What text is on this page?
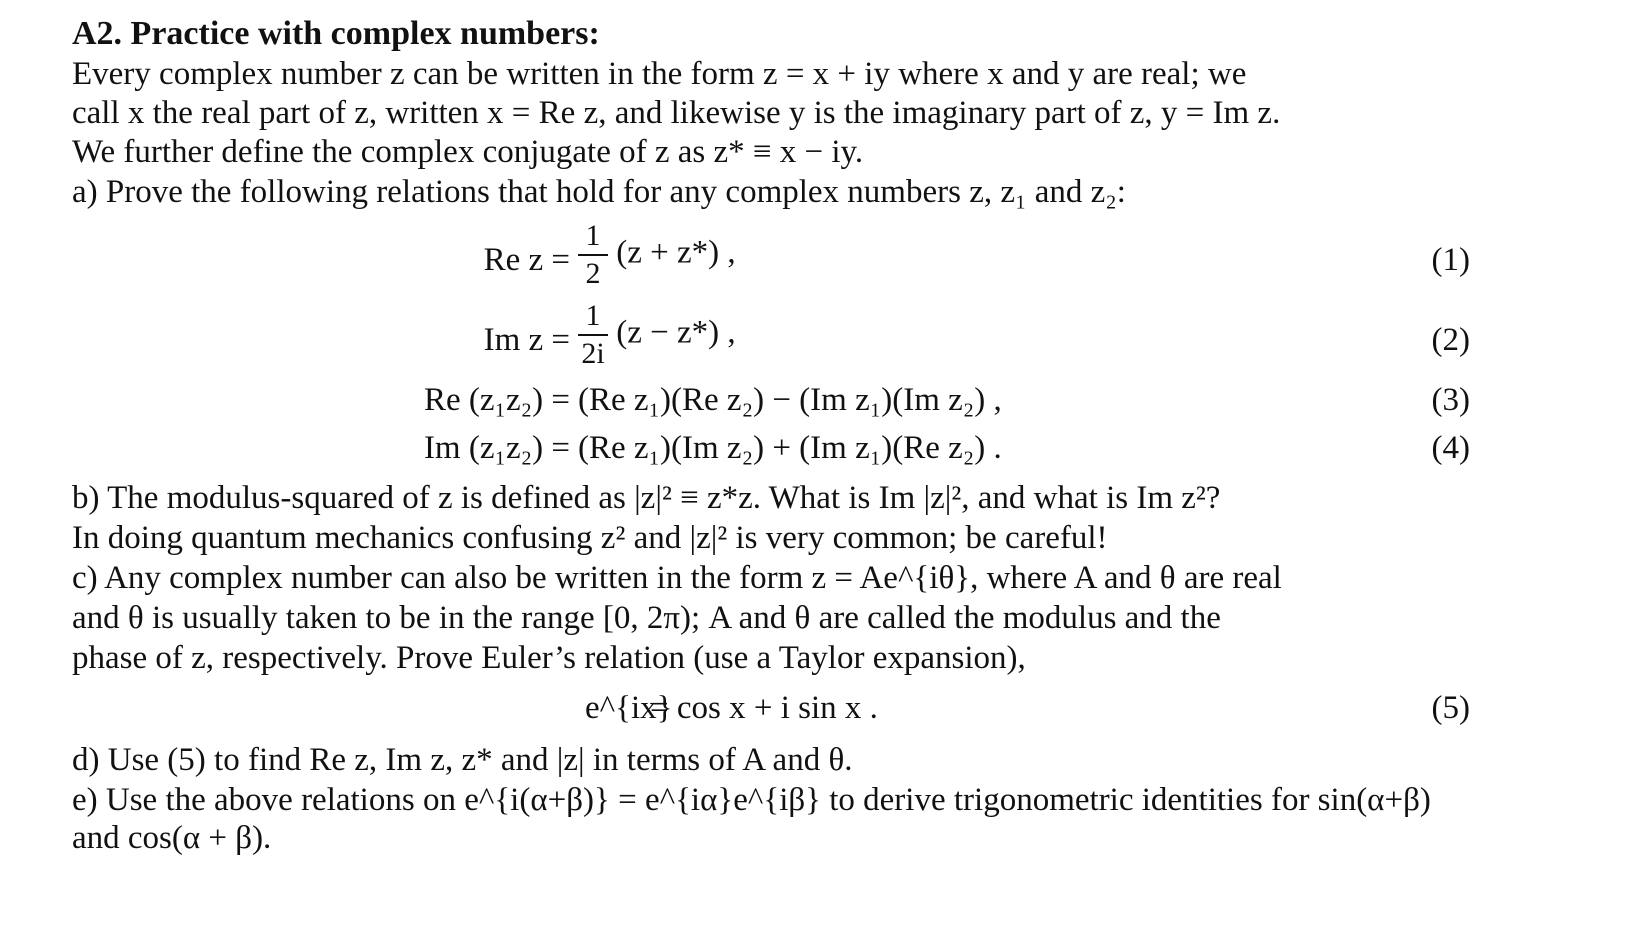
A2. Practice with complex numbers:
Every complex number z can be written in the form z = x + iy where x and y are real; we
call x the real part of z, written x = Re z, and likewise y is the imaginary part of z, y = Im z.
We further define the complex conjugate of z as z* ≡ x − iy.
a) Prove the following relations that hold for any complex numbers z, z₁ and z₂:
Re $z = \frac{1}{2} (z + z*)$ ,	(1)
Im $z = \frac{1}{2i} (z - z*)$ ,	(2)
Re (z₁z₂) = (Re z₁)(Re z₂) − (Im z₁)(Im z₂) ,	(3)
Im (z₁z₂) = (Re z₁)(Im z₂) + (Im z₁)(Re z₂) .	(4)
b) The modulus-squared of z is defined as |z|² ≡ z*z. What is Im |z|², and what is Im z²?
In doing quantum mechanics confusing z² and |z|² is very common; be careful!
c) Any complex number can also be written in the form z = Ae^{iθ}, where A and θ are real
and θ is usually taken to be in the range [0, 2π); A and θ are called the modulus and the
phase of z, respectively. Prove Euler’s relation (use a Taylor expansion),
e^{ix}
= cos x + i sin x .	(5)
d) Use (5) to find Re z, Im z, z* and |z| in terms of A and θ.
e) Use the above relations on e^{i(α+β)} = e^{iα}e^{iβ} to derive trigonometric identities for sin(α+β)
and cos(α + β).
